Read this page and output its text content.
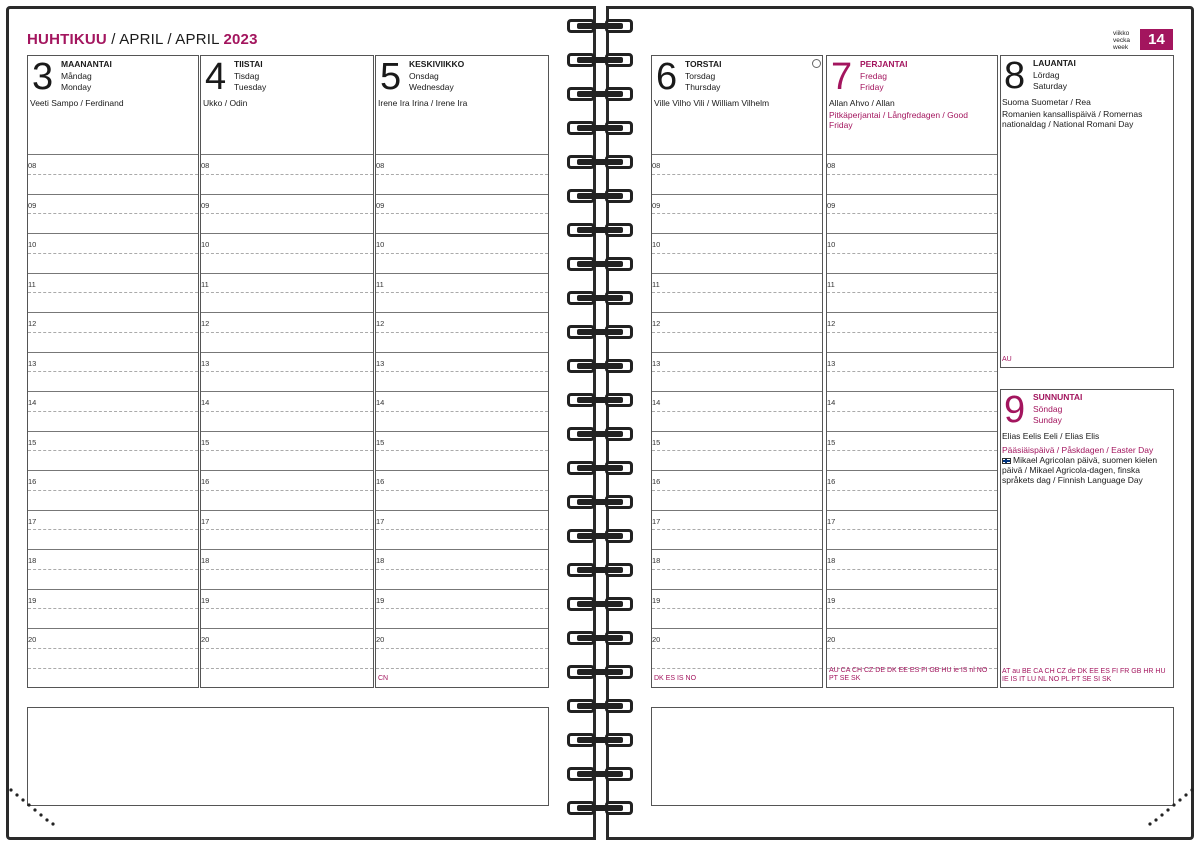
HUHTIKUU / APRIL / APRIL 2023	viikko
vecka
week	14
3 MAANANTAI
Måndag
Monday
Veeti Sampo / Ferdinand
08
09
10
11
12
13
14
15
16
17
18
19
20
4 TIISTAI
Tisdag
Tuesday
Ukko / Odin
08
09
10
11
12
13
14
15
16
17
18
19
20
5 KESKIVIIKKO
Onsdag
Wednesday
Irene Ira Irina / Irene Ira
08
09
10
11
12
13
14
15
16
17
18
19
20
CN
6 TORSTAI
Torsdag
Thursday
Ville Vilho Vili / William Vilhelm
08
09
10
11
12
13
14
15
16
17
18
19
20
DK ES IS NO
7 PERJANTAI
Fredag
Friday
Allan Ahvo / Allan
Pitkäperjantai / Långfredagen / Good Friday
08
09
10
11
12
13
14
15
16
17
18
19
20
AU CA CH CZ DE DK EE ES FI GB HU ie IS nl NO PT SE SK
8 LAUANTAI
Lördag
Saturday
Suoma Suometar / Rea
Romanien kansallispäivä / Romernas nationaldag / National Romani Day
AU
9 SUNNUNTAI
Söndag
Sunday
Elias Eelis Eeli / Elias Elis
Pääsiäispäivä / Påskdagen / Easter Day
Mikael Agricolan päivä, suomen kielen päivä / Mikael Agricola-dagen, finska språkets dag / Finnish Language Day
AT au BE CA CH CZ de DK EE ES FI FR GB HR HU IE IS IT LU NL NO PL PT SE SI SK
